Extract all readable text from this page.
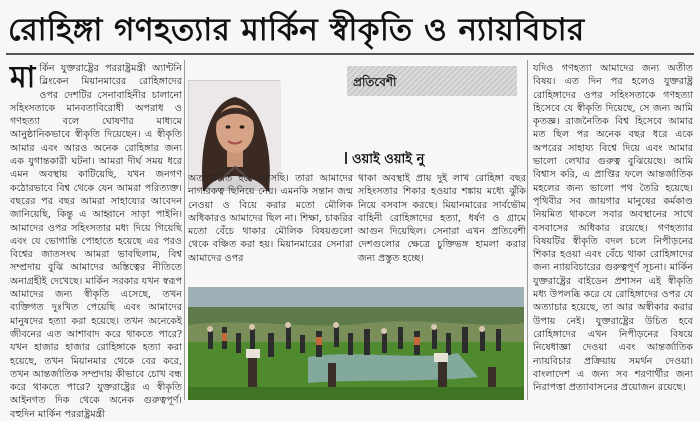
রোহিঙ্গা গণহত্যার মার্কিন স্বীকৃতি ও ন্যায়বিচার
মা র্কিন যুক্তরাষ্ট্রের পররাষ্ট্রমন্ত্রী অ্যান্টনি ব্লিংকেন মিয়ানমারের রোহিঙ্গাদের ওপর দেশটির সেনাবাহিনীর চালানো সহিংসতাকে মানবতাবিরোধী অপরাধ ও গণহত্যা বলে ঘোষণার মাধ্যমে আনুষ্ঠানিকভাবে স্বীকৃতি দিয়েছেন। এ স্বীকৃতি আমার এবং আরও অনেক রোহিঙ্গার জন্য এক যুগান্তকারী ঘটনা। আমরা দীর্ঘ সময় ধরে এমন অবস্থায় কাটিয়েছি, যখন জনগণ কঠোরভাবে বিশ্ব থেকে যেন আমরা পরিত্যক্ত। বছরের পর বছর আমরা সাহায্যের আবেদন জানিয়েছি, কিন্তু এ আহ্বানে সাড়া পাইনি। আমাদের ওপর সহিংসতার মধ্য দিয়ে গিয়েছি এবং যে ভোগান্তি পোহাতে হয়েছে এর পরও বিশ্বের জাতসংঘ আমরা ভাবছিলাম, বিশ্ব সম্প্রদায় বুঝি আমাদের অস্তিত্বের নীতিতে অনাগ্রহীই দেখেছে। মার্কিন সরকার যখন স্বরূপ আমাদের জন্য স্বীকৃতি এসেছে, তখন ব্যক্তিগত দুঃখিত পেয়েছি এবং আমাদের মানুষদের হত্যা করা হয়েছে। তখন অনেকেই জীবনের এত আশাবাদ করে থাকতে পারে? যখন হাজার হাজার রোহিঙ্গাকে হত্যা করা হয়েছে, তখন মিয়ানমার থেকে বের করে, তখন আন্তর্জাতিক সম্প্রদায় কীভাবে চোখ বন্ধ করে থাকতে পারে? যুক্তরাষ্ট্রের এ স্বীকৃতি আইনগত দিক থেকে অনেক গুরুত্বপূর্ণ। বহুদিন মার্কিন পররাষ্ট্রমন্ত্রী
প্রতিবেশী
ওয়াই ওয়াই নু
অত্যাচারিত হয়ে আসছি। তারা আমাদের নাগরিকত্ব ছিনিয়ে নেয়। এমনকি সন্তান জন্ম নেওয়া ও বিয়ে করার মতো মৌলিক অধিকারও আমাদের ছিল না। শিক্ষা, চাকরির মতো বেঁচে থাকার মৌলিক বিষয়গুলো থেকে বঞ্চিত করা হয়। মিয়ানমারের সেনারা আমাদের ওপর
থাকা অবস্থাই প্রায় দুই লাখ রোহিঙ্গা বছর সহিংসতার শিকার হওয়ার শঙ্কায় মধ্যে ঝুঁকি নিয়ে বসবাস করছে। মিয়ানমারের সার্বভৌম বাহিনী রোহিঙ্গাদের হত্যা, ধর্ষণ ও গ্রামে আগুন দিয়েছিল। সেনারা এখন প্রতিবেশী দেশগুলোর ক্ষেত্রে চুক্তিভঙ্গ হামলা করার জন্য প্রস্তুত হচ্ছে।
যদিও গণহত্যা আমাদের জন্য অতীত বিষয়। এত দিন পর হলেও যুক্তরাষ্ট্র রোহিঙ্গাদের ওপর সহিংসতাকে গণহত্যা হিসেবে যে স্বীকৃতি দিয়েছে, সে জন্য আমি কৃতজ্ঞ। রাজনৈতিক বিশ্ব হিসেবে আমার মত ছিল পর অনেক বছর ধরে একে অপরের সাহায্য বিশ্বে দিয়ে এবং আমার ভালো লেখার গুরুত্ব বুঝিয়েছে। আমি বিশ্বাস করি, এ প্রাপ্তির ফলে আন্তর্জাতিক মহলের জন্য ভালো পথ তৈরি হয়েছে। পৃথিবীর সব জায়গার মানুষের কর্মকাণ্ড নিয়মিত থাকলে সবার অবস্থানের সাথে বসবাসের অধিকার রয়েছে। গণহত্যার বিষয়টির স্বীকৃতি বদল চলে নিপীড়নের শিকার হওয়া এবং বেঁচে থাকা রোহিঙ্গাদের জন্য ন্যায়বিচারের গুরুত্বপূর্ণ সূচনা। মার্কিন যুক্তরাষ্ট্রের বাইডেন প্রশাসন এই স্বীকৃতি মধ্য উপলব্ধি করে যে রোহিঙ্গাদের ওপর যে অত্যাচার হয়েছে, তা আর অস্বীকার করার উপায় নেই। যুক্তরাষ্ট্রের উচিত হবে রোহিঙ্গাদের এখন নিপীড়নের বিষয়ে নিষেধাজ্ঞা দেওয়া এবং আন্তর্জাতিক ন্যায়বিচার প্রক্রিয়ায় সমর্থন দেওয়া। বাংলাদেশ এ জন্য সব শরণার্থীর জন্য নিরাপত্তা প্রত্যাবাসনের প্রয়োজন রয়েছে।
